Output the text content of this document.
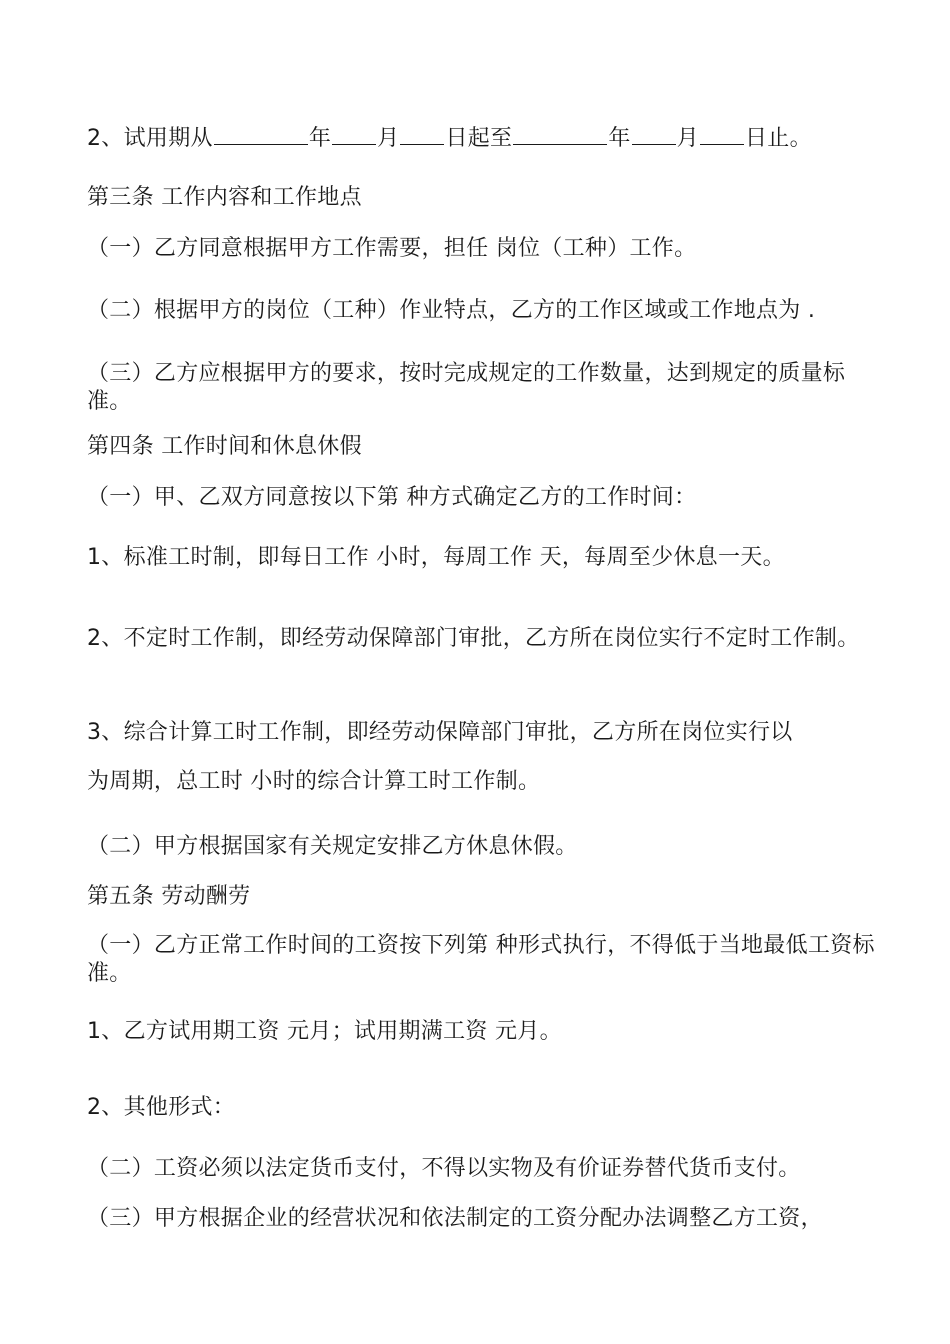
2、试用期从	年 月 日起至	年 月 日止。
第三条 工作内容和工作地点
（一）乙方同意根据甲方工作需要，担任 岗位（工种）工作。
（二）根据甲方的岗位（工种）作业特点，乙方的工作区域或工作地点为 .
（三）乙方应根据甲方的要求，按时完成规定的工作数量，达到规定的质量标准。
第四条 工作时间和休息休假
（一）甲、乙双方同意按以下第 种方式确定乙方的工作时间：
1、标准工时制，即每日工作 小时，每周工作 天，每周至少休息一天。
2、不定时工作制，即经劳动保障部门审批，乙方所在岗位实行不定时工作制。
3、综合计算工时工作制，即经劳动保障部门审批，乙方所在岗位实行以
为周期，总工时 小时的综合计算工时工作制。
（二）甲方根据国家有关规定安排乙方休息休假。
第五条 劳动酬劳
（一）乙方正常工作时间的工资按下列第 种形式执行，不得低于当地最低工资标准。
1、乙方试用期工资 元月；试用期满工资 元月。
2、其他形式：
（二）工资必须以法定货币支付，不得以实物及有价证券替代货币支付。
（三）甲方根据企业的经营状况和依法制定的工资分配办法调整乙方工资，
